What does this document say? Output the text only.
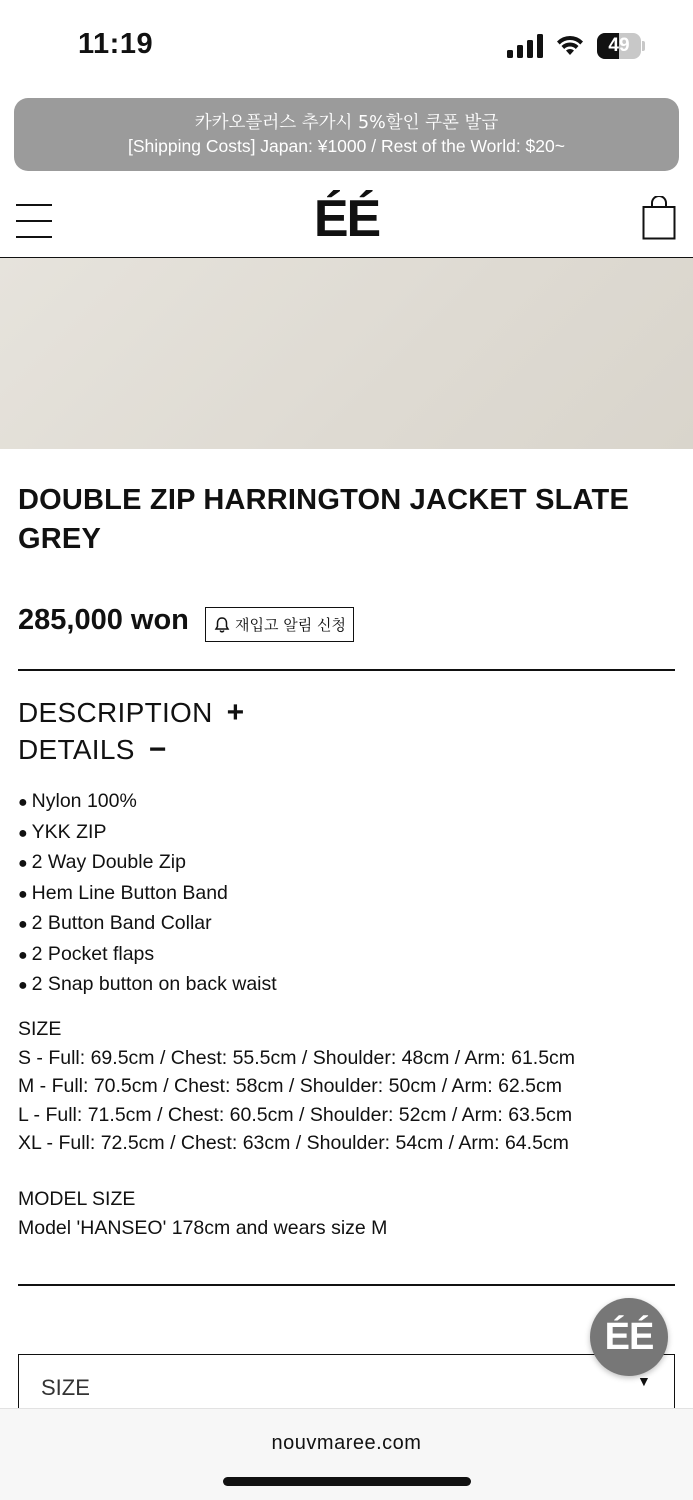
11:19	49
카카오플러스 추가시 5%할인 쿠폰 발급
[Shipping Costs] Japan: ¥1000 / Rest of the World: $20~
ÉÉ
DOUBLE ZIP HARRINGTON JACKET SLATE GREY
285,000 won	재입고 알림 신청
DESCRIPTION +
DETAILS −
● Nylon 100%
● YKK ZIP
● 2 Way Double Zip
● Hem Line Button Band
● 2 Button Band Collar
● 2 Pocket flaps
● 2 Snap button on back waist
SIZE
S - Full: 69.5cm / Chest: 55.5cm / Shoulder: 48cm / Arm: 61.5cm
M - Full: 70.5cm / Chest: 58cm / Shoulder: 50cm / Arm: 62.5cm
L - Full: 71.5cm / Chest: 60.5cm / Shoulder: 52cm / Arm: 63.5cm
XL - Full: 72.5cm / Chest: 63cm / Shoulder: 54cm / Arm: 64.5cm
MODEL SIZE
Model 'HANSEO' 178cm and wears size M
SIZE	▼
ÉÉ
nouvmaree.com
